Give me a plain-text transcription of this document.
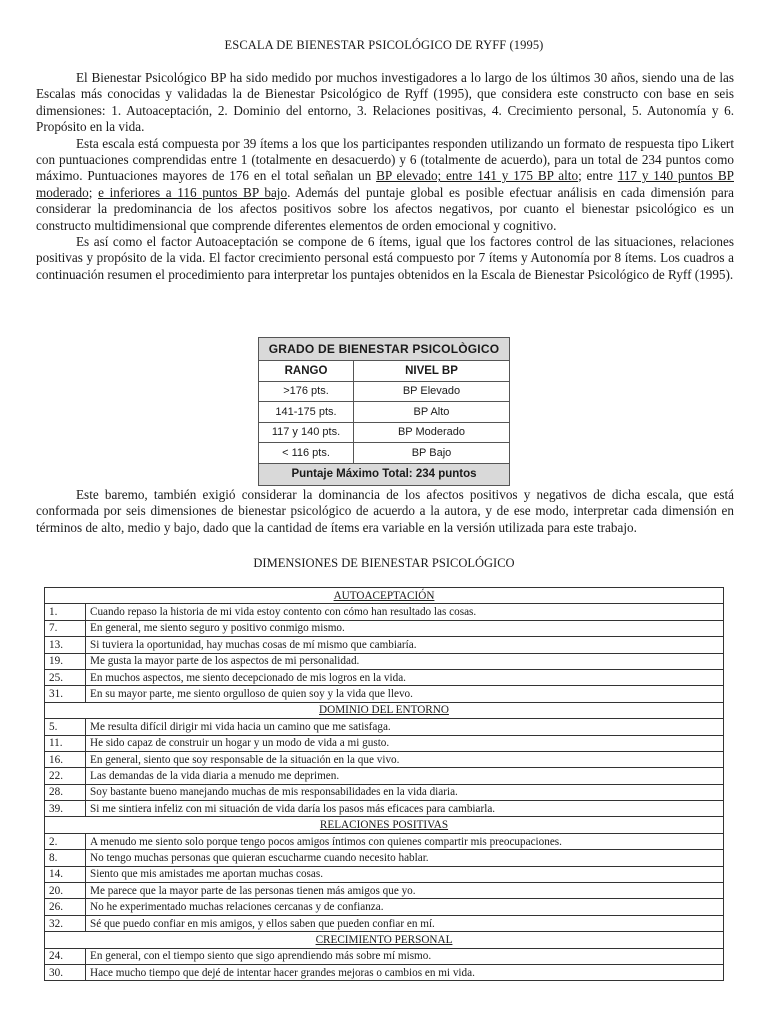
ESCALA DE BIENESTAR PSICOLÓGICO DE RYFF (1995)

El Bienestar Psicológico BP ha sido medido por muchos investigadores a lo largo de los últimos 30 años, siendo una de las Escalas más conocidas y validadas la de Bienestar Psicológico de Ryff (1995), que considera este constructo con base en seis dimensiones: 1. Autoaceptación, 2. Dominio del entorno, 3. Relaciones positivas, 4. Crecimiento personal, 5. Autonomía y 6. Propósito en la vida.

Esta escala está compuesta por 39 ítems a los que los participantes responden utilizando un formato de respuesta tipo Likert con puntuaciones comprendidas entre 1 (totalmente en desacuerdo) y 6 (totalmente de acuerdo), para un total de 234 puntos como máximo. Puntuaciones mayores de 176 en el total señalan un BP elevado; entre 141 y 175 BP alto; entre 117 y 140 puntos BP moderado; e inferiores a 116 puntos BP bajo. Además del puntaje global es posible efectuar análisis en cada dimensión para considerar la predominancia de los afectos positivos sobre los afectos negativos, por cuanto el bienestar psicológico es un constructo multidimensional que comprende diferentes elementos de orden emocional y cognitivo.

Es así como el factor Autoaceptación se compone de 6 ítems, igual que los factores control de las situaciones, relaciones positivas y propósito de la vida. El factor crecimiento personal está compuesto por 7 ítems y Autonomía por 8 ítems. Los cuadros a continuación resumen el procedimiento para interpretar los puntajes obtenidos en la Escala de Bienestar Psicológico de Ryff (1995).

GRADO DE BIENESTAR PSICOLÒGICO	
RANGO	NIVEL BP
>176 pts.	BP Elevado
141-175 pts.	BP Alto
117 y 140 pts.	BP Moderado
< 116 pts.	BP Bajo
Puntaje Máximo Total: 234 puntos	

Este baremo, también exigió considerar la dominancia de los afectos positivos y negativos de dicha escala, que está conformada por seis dimensiones de bienestar psicológico de acuerdo a la autora, y de ese modo, interpretar cada dimensión en términos de alto, medio y bajo, dado que la cantidad de ítems era variable en la versión utilizada para este trabajo.

DIMENSIONES DE BIENESTAR PSICOLÓGICO
AUTOACEPTACIÓN	
1.	Cuando repaso la historia de mi vida estoy contento con cómo han resultado las cosas.
7.	En general, me siento seguro y positivo conmigo mismo.
13.	Si tuviera la oportunidad, hay muchas cosas de mí mismo que cambiaría.
19.	Me gusta la mayor parte de los aspectos de mi personalidad.
25.	En muchos aspectos, me siento decepcionado de mis logros en la vida.
31.	En su mayor parte, me siento orgulloso de quien soy y la vida que llevo.
DOMINIO DEL ENTORNO	
5.	Me resulta difícil dirigir mi vida hacia un camino que me satisfaga.
11.	He sido capaz de construir un hogar y un modo de vida a mi gusto.
16.	En general, siento que soy responsable de la situación en la que vivo.
22.	Las demandas de la vida diaria a menudo me deprimen.
28.	Soy bastante bueno manejando muchas de mis responsabilidades en la vida diaria.
39.	Si me sintiera infeliz con mi situación de vida daría los pasos más eficaces para cambiarla.
RELACIONES POSITIVAS	
2.	A menudo me siento solo porque tengo pocos amigos íntimos con quienes compartir mis preocupaciones.
8.	No tengo muchas personas que quieran escucharme cuando necesito hablar.
14.	Siento que mis amistades me aportan muchas cosas.
20.	Me parece que la mayor parte de las personas tienen más amigos que yo.
26.	No he experimentado muchas relaciones cercanas y de confianza.
32.	Sé que puedo confiar en mis amigos, y ellos saben que pueden confiar en mí.
CRECIMIENTO PERSONAL	
24.	En general, con el tiempo siento que sigo aprendiendo más sobre mí mismo.
30.	Hace mucho tiempo que dejé de intentar hacer grandes mejoras o cambios en mi vida.
